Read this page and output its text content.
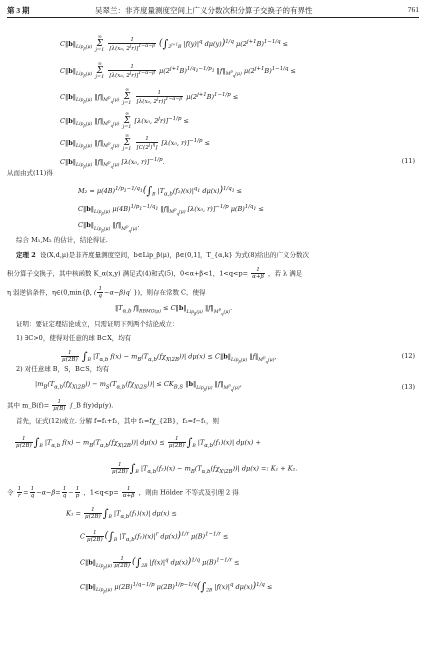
第 3 期	吴翠兰：非齐度量测度空间上广义分数次积分算子交换子的有界性	761
$C‖b‖_{Lip_\beta(\mu)}$ ∞
Σ
$j=1 \frac{1}{[\lambda(x_0, 2^jr)]^{1-\alpha-\beta}} (\int_{2^{j+1}B}$ $|f(y)|^q$ dμ(y))$^{1/q}$ $\mu(2^{j+1}B)^{1-1/q}$ ≤
$C‖b‖_{Lip_\beta(\mu)}$ ∞
Σ
$j=1 \frac{1}{[\lambda(x_0, 2^jr)]^{1-\alpha-\beta}} \mu(2^{j+1}B)^{1/q_1-1/p_1}$ $‖f‖_{M^p_q(\mu)}$ $\mu(2^{j+1}B)^{1-1/q}$ ≤
$C‖b‖_{Lip_\beta(\mu)}$ $‖f‖_{M^p_q(\mu)}$ ∞
Σ
$j=1 \frac{1}{[\lambda(x_0, 2^jr)]^{1-\alpha-\beta}} \mu(2^{j+1}B)^{1-1/p}$ ≤
$C‖b‖_{Lip_\beta(\mu)}$ $‖f‖_{M^p_q(\mu)}$ ∞
Σ
j=1 [λ(x₀, $2^jr)]^{-1/p}$ ≤
$C‖b‖_{Lip_\beta(\mu)}$ $‖f‖_{M^p_q(\mu)}$ ∞
Σ
$j=1 \frac{1}{[C(2^j)^\eta]} [\lambda(x_0$, r)]$^{-1/p}$ ≤
$C‖b‖_{Lip_\beta(\mu)}$ $‖f‖_{M^p_q(\mu)}$ [λ(x₀, r)]$^{-1/p}$.	(11)
从而由式(11)得
$M_2 = \mu(4B)^{1/p_1-1/q_1}(\int_B$ $|T_{\alpha,b}(f_2)(x)|^{q_1}$ dμ(x))$^{1/q_1}$ ≤
$C‖b‖_{Lip_\beta(\mu)}$ $\mu(4B)^{1/p_1-1/q_1}$ $‖f‖_{M^p_q(\mu)}$ [λ(x₀, r)]$^{-1/p}$ $\mu(B)^{1/q_1}$ ≤
$C‖b‖_{Lip_\beta(\mu)}$ $‖f‖_{M^p_q(\mu)}$.
综合 M₁,M₂ 的估计，结论得证.
定理 2 设(X,d,μ)是非齐度量测度空间，b∈Lip_β(μ)，β∈(0,1]，T_{α,k} 为式(8)给出的广义分数次
积分算子交换子，其中核函数 K_α(x,y) 满足式(4)和式(5)，0<α+β<1，$1<q<p= \frac{1}{\alpha+\beta}$ ，若 λ 满足
η 弱逆倍条件，η∈(0,min{β, ( $\frac{1}{q} -\alpha-\beta)q'$ })，则存在常数 C，使得
$‖T_{\alpha,b}$ $f‖_{RBMO(\mu)}$ ≤ $C‖b‖_{Lip_\beta(\mu)}$ $‖f‖_{M^p_q(\mu)}$.
证明：要证定理结论成立，只需证明下列两个结论成立：
1) ∃C>0，使得对任意的球 B⊂X，均有
$\frac{1}{\mu(2B)} \int_B$ $|T_{\alpha,b}$ $f(x) - m_B(T_{\alpha,b}(f\chi_{X\backslash 2B}))|$ $d\mu(x) \le C‖b‖_{Lip_\beta(\mu)}$ $‖f‖_{M^p_q(\mu)}$,	(12)
2) 对任意球 B，S，B⊂S，均有
$|m_B(T_{\alpha,b}(f\chi_{X\backslash 2B})) - m_S(T_{\alpha,b}(f\chi_{X\backslash 2S}))| \le CK_{B,S}$ $‖b‖_{Lip_\beta(\mu)}$ $‖f‖_{M^p_q(\mu)}$,	(13)
其中 m_B(f)= $\frac{1}{\mu(B)}$ ∫_B f(y)dμ(y).
首先，证式(12)成立. 分解 f=f₁+f₂，其中 f₁=fχ_{2B}，f₂=f−f₁，则
$\frac{1}{\mu(2B)} \int_B$ $|T_{\alpha,b}$ $f(x) - m_B(T_{\alpha,b}(f\chi_{X\backslash 2B}))|$ $d\mu(x) \le \frac{1}{\mu(2B)} \int_B$ $|T_{\alpha,b}(f_1)(x)|$ dμ(x) +
$\frac{1}{\mu(2B)} \int_B$ $|T_{\alpha,b}(f_2)(x) - m_B(T_{\alpha,b}(f\chi_{X\backslash 2B}))|$ dμ(x) =: K₁ + K₂.
令 $\frac{1}{r} = \frac{1}{q} -\alpha-\beta= \frac{1}{q} - \frac{1}{p}$ ，$1<q<p= \frac{1}{\alpha+\beta}$ ，则由 Hölder 不等式及引理 2 得
$K_1 = \frac{1}{\mu(2B)} \int_B$ $|T_{\alpha,b}(f_1)(x)|$ dμ(x) ≤
C $\frac{1}{\mu(2B)} (\int_B$ $|T_{\alpha,b}(f_1)(x)|^r$ dμ(x))$^{1/r}$ $\mu(B)^{1-1/r}$ ≤
$C‖b‖_{Lip_\beta(\mu)} \frac{1}{\mu(2B)} (\int_{2B}$ $|f(x)|^q$ dμ(x))$^{1/q}$ $\mu(B)^{1-1/r}$ ≤
$C‖b‖_{Lip_\beta(\mu)}$ $\mu(2B)^{1/q-1/p}$ $\mu(2B)^{1/p-1/q}(\int_{2B}$ $|f(x)|^q$ dμ(x))$^{1/q}$ ≤
